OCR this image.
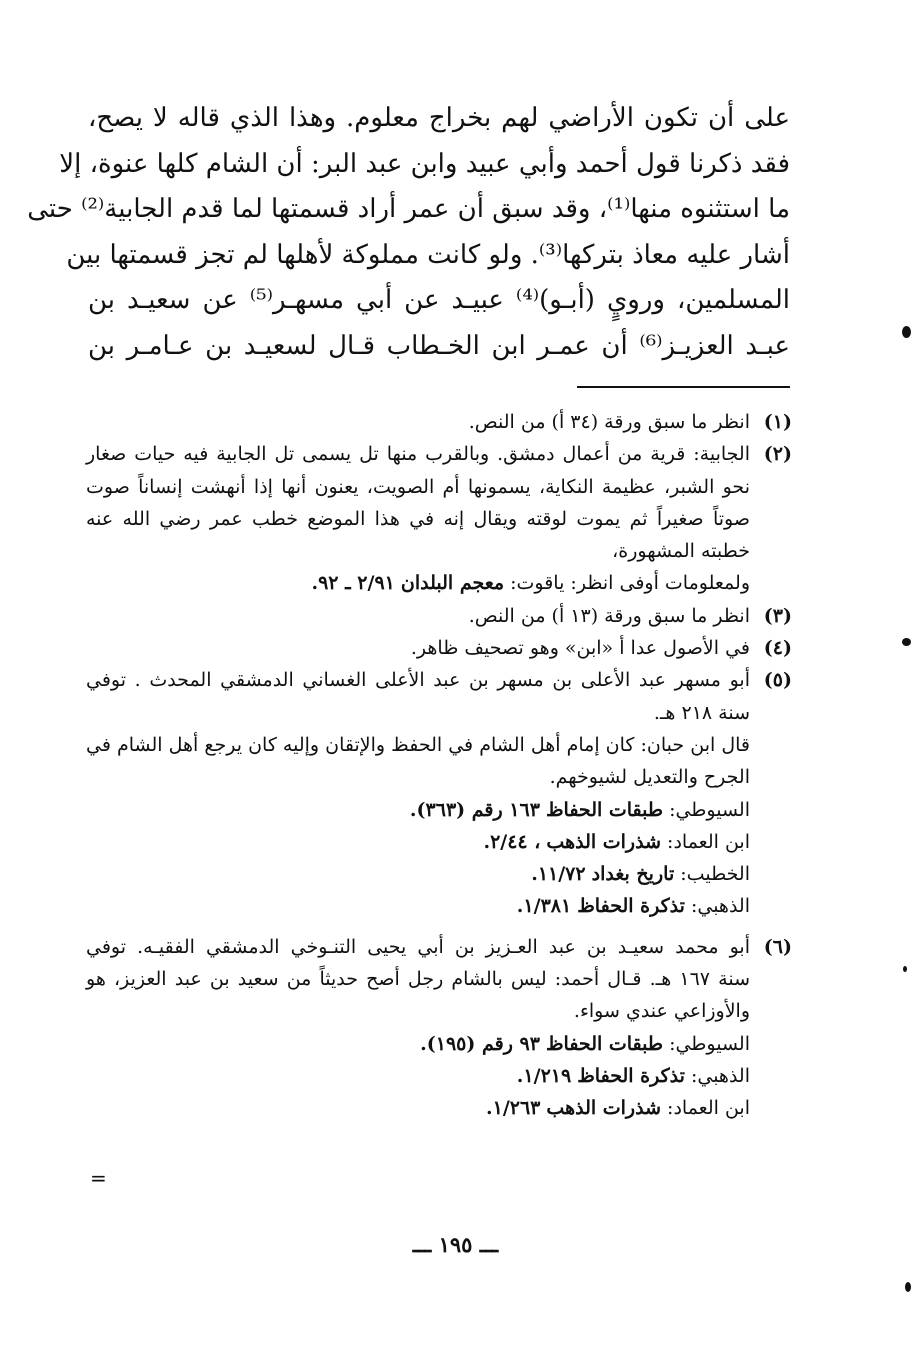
على أن تكون الأراضي لهم بخراج معلوم. وهذا الذي قاله لا يصح،
فقد ذكرنا قول أحمد وأبي عبيد وابن عبد البر: أن الشام كلها عنوة، إلا
ما استثنوه منها⁽¹⁾، وقد سبق أن عمر أراد قسمتها لما قدم الجابية⁽²⁾ حتى
أشار عليه معاذ بتركها⁽³⁾. ولو كانت مملوكة لأهلها لم تجز قسمتها بين
المسلمين، ورويٍ (أبـو)⁽⁴⁾ عبيـد عن أبي مسهـر⁽⁵⁾ عن سعيـد بن
عبـد العزيـز⁽⁶⁾ أن عمـر ابن الخـطاب قـال لسعيـد بن عـامـر بن
(١)
انظر ما سبق ورقة (٣٤ أ) من النص.
(٢)
الجابية: قرية من أعمال دمشق. وبالقرب منها تل يسمى تل الجابية فيه حيات صغار
نحو الشبر، عظيمة النكاية، يسمونها أم الصويت، يعنون أنها إذا أنهشت إنساناً صوت
صوتاً صغيراً ثم يموت لوقته ويقال إنه في هذا الموضع خطب عمر رضي الله عنه
خطبته المشهورة،
ولمعلومات أوفى انظر: ياقوت: معجم البلدان ٢/٩١ ـ ٩٢.
(٣)
انظر ما سبق ورقة (١٣ أ) من النص.
(٤)
في الأصول عدا أ «ابن» وهو تصحيف ظاهر.
(٥)
أبو مسهر عبد الأعلى بن مسهر بن عبد الأعلى الغساني الدمشقي المحدث . توفي
سنة ٢١٨ هـ.
قال ابن حبان: كان إمام أهل الشام في الحفظ والإتقان وإليه كان يرجع أهل الشام في
الجرح والتعديل لشيوخهم.
السيوطي: طبقات الحفاظ ١٦٣ رقم (٣٦٣).
ابن العماد: شذرات الذهب ، ٢/٤٤.
الخطيب: تاريخ بغداد ١١/٧٢.
الذهبي: تذكرة الحفاظ ١/٣٨١.
(٦)
أبو محمد سعيـد بن عبد العـزيز بن أبي يحيى التنـوخي الدمشقي الفقيـه. توفي
سنة ١٦٧ هـ. قـال أحمد: ليس بالشام رجل أصح حديثاً من سعيد بن عبد العزيز، هو
والأوزاعي عندي سواء.
السيوطي: طبقات الحفاظ ٩٣ رقم (١٩٥).
الذهبي: تذكرة الحفاظ ١/٢١٩.
ابن العماد: شذرات الذهب ١/٢٦٣.
=
ـــ ١٩٥ ـــ
